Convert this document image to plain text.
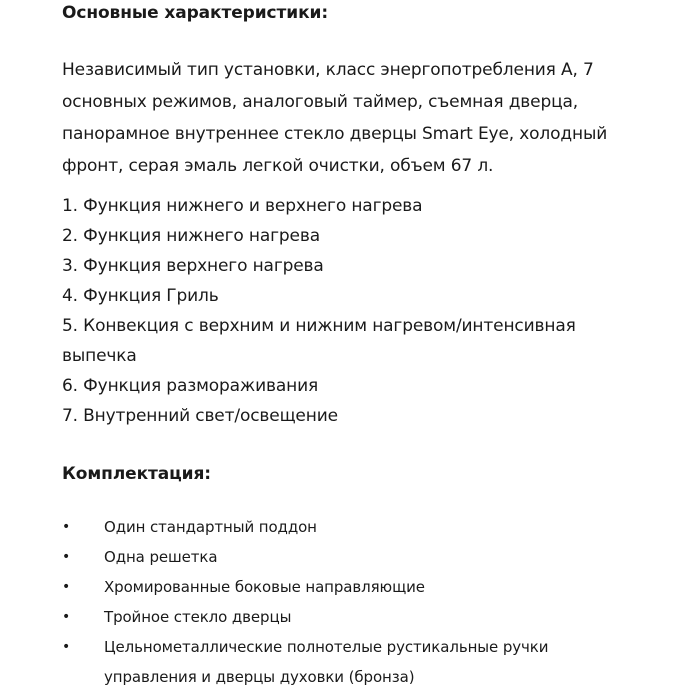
Основные характеристики:
Независимый тип установки, класс энергопотребления А, 7
основных режимов, аналоговый таймер, съемная дверца,
панорамное внутреннее стекло дверцы Smart Eye, холодный
фронт, серая эмаль легкой очистки, объем 67 л.
1. Функция нижнего и верхнего нагрева
2. Функция нижнего нагрева
3. Функция верхнего нагрева
4. Функция Гриль
5. Конвекция с верхним и нижним нагревом/интенсивная
выпечка
6. Функция размораживания
7. Внутренний свет/освещение
Комплектация:
• Один стандартный поддон
• Одна решетка
• Хромированные боковые направляющие
• Тройное стекло дверцы
• Цельнометаллические полнотелые рустикальные ручки
управления и дверцы духовки (бронза)
